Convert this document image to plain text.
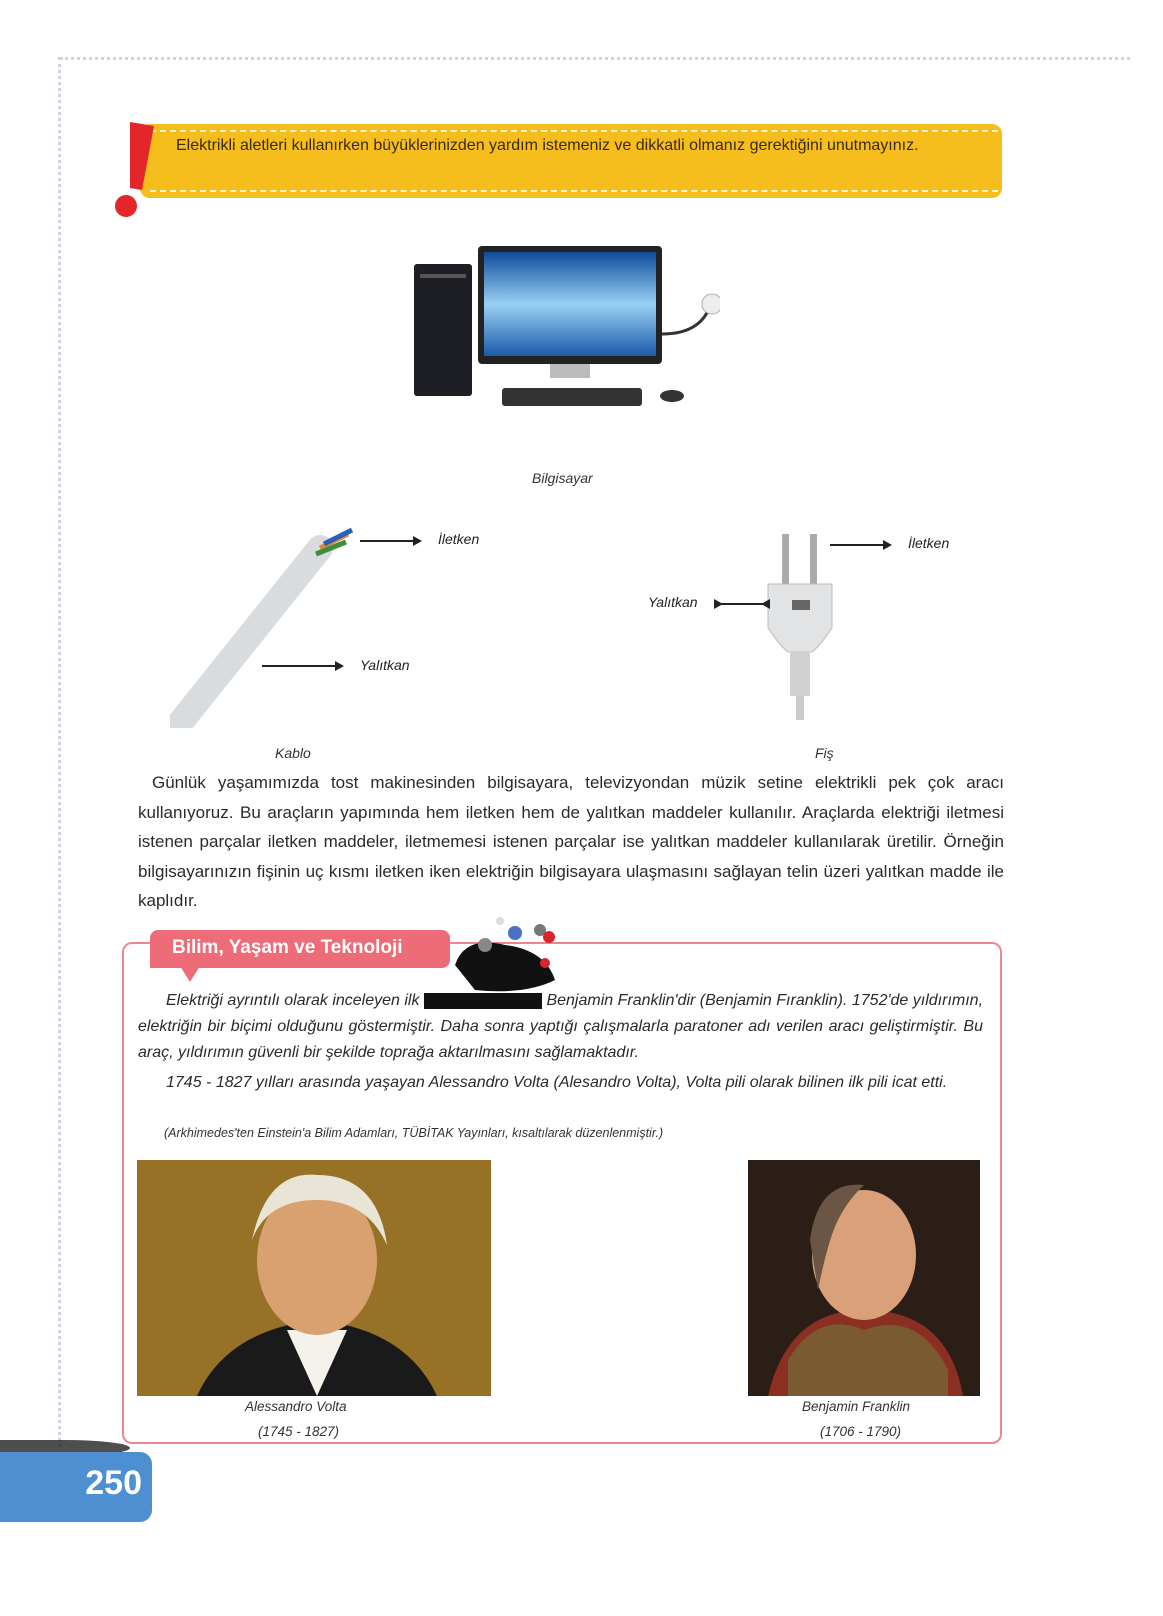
Elektrikli aletleri kullanırken büyüklerinizden yardım istemeniz ve dikkatli olmanız gerektiğini unutmayınız.

Bilgisayar
İletken
Yalıtkan
Kablo
İletken
Yalıtkan
Fiş

Günlük yaşamımızda tost makinesinden bilgisayara, televizyondan müzik setine elektrikli pek çok aracı kullanıyoruz. Bu araçların yapımında hem iletken hem de yalıtkan maddeler kullanılır. Araçlarda elektriği iletmesi istenen parçalar iletken maddeler, iletmemesi istenen parçalar ise yalıtkan maddeler kullanılarak üretilir. Örneğin bilgisayarınızın fişinin uç kısmı iletken iken elektriğin bilgisayara ulaşmasını sağlayan telin üzeri yalıtkan madde ile kaplıdır.

Bilim, Yaşam ve Teknoloji

Elektriği ayrıntılı olarak inceleyen ilk	Benjamin Franklin'dir (Benjamin Fıranklin). 1752'de yıldırımın, elektriğin bir biçimi olduğunu göstermiştir. Daha sonra yaptığı çalışmalarla paratoner adı verilen aracı geliştirmiştir. Bu araç, yıldırımın güvenli bir şekilde toprağa aktarılmasını sağlamaktadır.

1745 - 1827 yılları arasında yaşayan Alessandro Volta (Alesandro Volta), Volta pili olarak bilinen ilk pili icat etti.

(Arkhimedes'ten Einstein'a Bilim Adamları, TÜBİTAK Yayınları, kısaltılarak düzenlenmiştir.)
Alessandro Volta
(1745 - 1827)
Benjamin Franklin
(1706 - 1790)
250
